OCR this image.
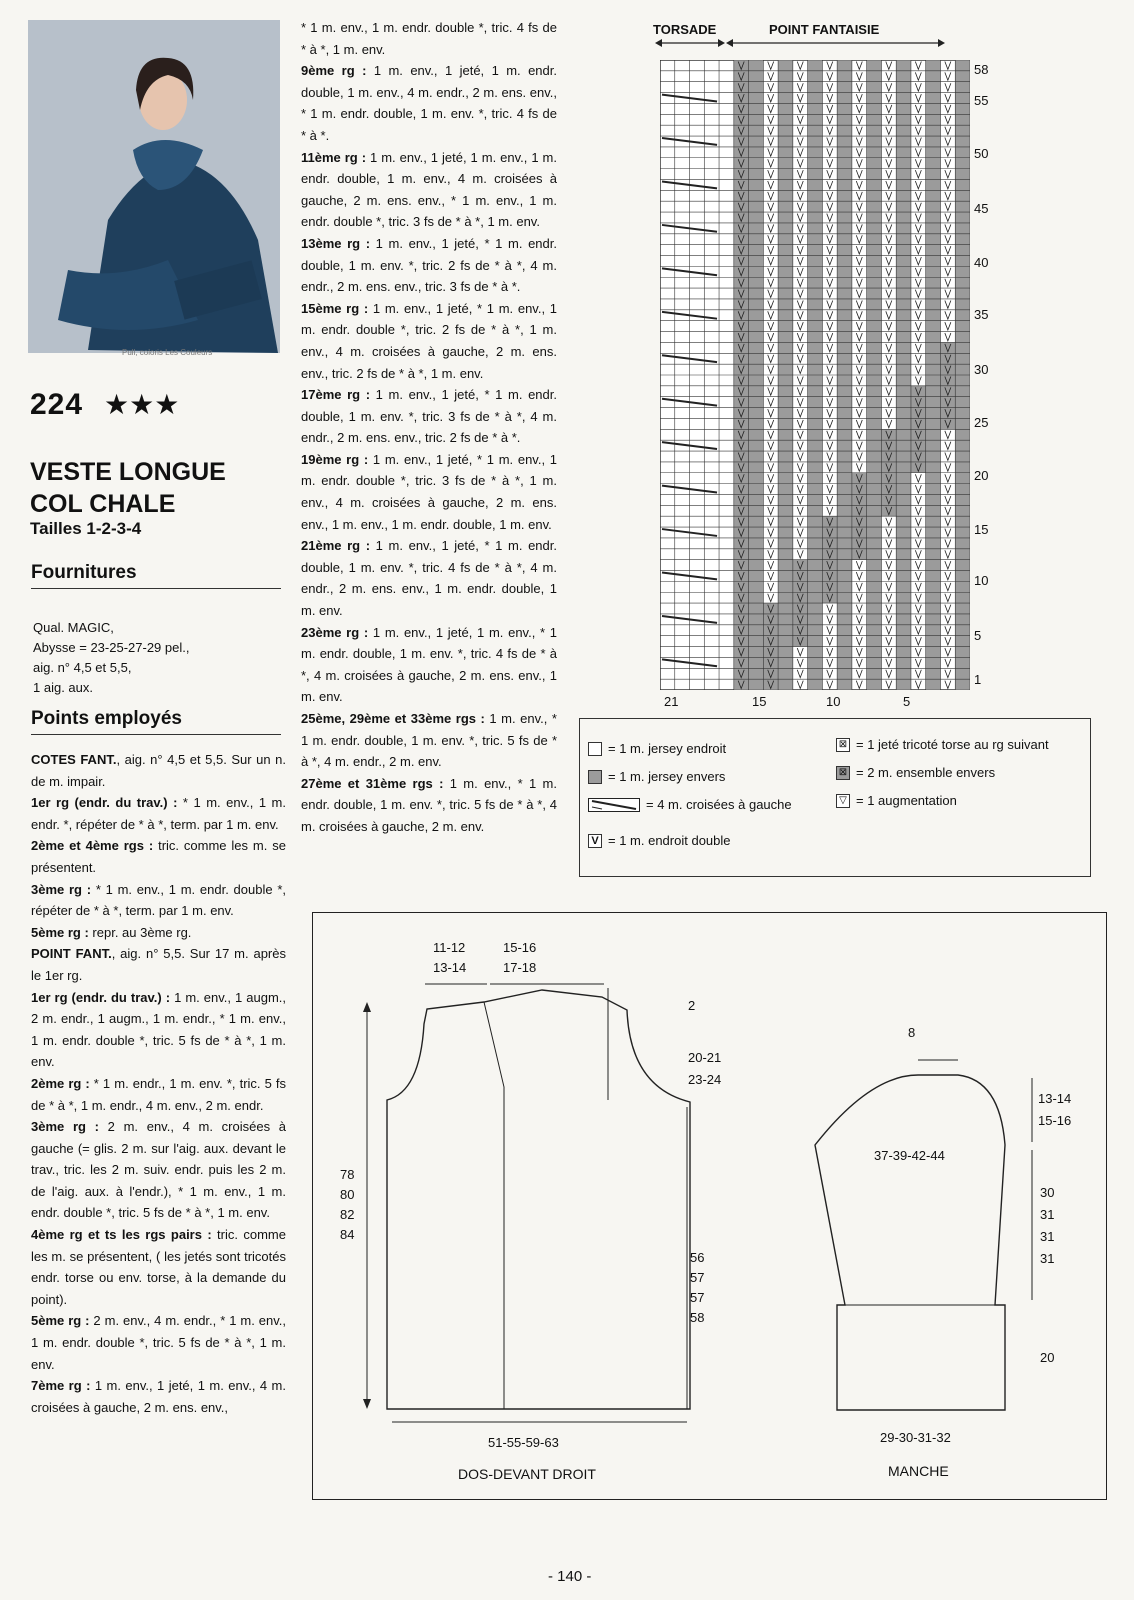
Pull, coloris Les Couleurs
224 ★★★
VESTE LONGUE
COL CHALE
Tailles 1-2-3-4
Fournitures
Qual. MAGIC,
Abysse = 23-25-27-29 pel.,
aig. n° 4,5 et 5,5,
1 aig. aux.
Points employés

COTES FANT., aig. n° 4,5 et 5,5. Sur un n. de m. impair.

1er rg (endr. du trav.) : * 1 m. env., 1 m. endr. *, répéter de * à *, term. par 1 m. env.

2ème et 4ème rgs : tric. comme les m. se présentent.

3ème rg : * 1 m. env., 1 m. endr. double *, répéter de * à *, term. par 1 m. env.

5ème rg : repr. au 3ème rg.

POINT FANT., aig. n° 5,5. Sur 17 m. après le 1er rg.

1er rg (endr. du trav.) : 1 m. env., 1 augm., 2 m. endr., 1 augm., 1 m. endr., * 1 m. env., 1 m. endr. double *, tric. 5 fs de * à *, 1 m. env.

2ème rg : * 1 m. endr., 1 m. env. *, tric. 5 fs de * à *, 1 m. endr., 4 m. env., 2 m. endr.

3ème rg : 2 m. env., 4 m. croisées à gauche (= glis. 2 m. sur l'aig. aux. devant le trav., tric. les 2 m. suiv. endr. puis les 2 m. de l'aig. aux. à l'endr.), * 1 m. env., 1 m. endr. double *, tric. 5 fs de * à *, 1 m. env.

4ème rg et ts les rgs pairs : tric. comme les m. se présentent, ( les jetés sont tricotés endr. torse ou env. torse, à la demande du point).

5ème rg : 2 m. env., 4 m. endr., * 1 m. env., 1 m. endr. double *, tric. 5 fs de * à *, 1 m. env.

7ème rg : 1 m. env., 1 jeté, 1 m. env., 4 m. croisées à gauche, 2 m. ens. env.,

* 1 m. env., 1 m. endr. double *, tric. 4 fs de * à *, 1 m. env.

9ème rg : 1 m. env., 1 jeté, 1 m. endr. double, 1 m. env., 4 m. endr., 2 m. ens. env., * 1 m. endr. double, 1 m. env. *, tric. 4 fs de * à *.

11ème rg : 1 m. env., 1 jeté, 1 m. env., 1 m. endr. double, 1 m. env., 4 m. croisées à gauche, 2 m. ens. env., * 1 m. env., 1 m. endr. double *, tric. 3 fs de * à *, 1 m. env.

13ème rg : 1 m. env., 1 jeté, * 1 m. endr. double, 1 m. env. *, tric. 2 fs de * à *, 4 m. endr., 2 m. ens. env., tric. 3 fs de * à *.

15ème rg : 1 m. env., 1 jeté, * 1 m. env., 1 m. endr. double *, tric. 2 fs de * à *, 1 m. env., 4 m. croisées à gauche, 2 m. ens. env., tric. 2 fs de * à *, 1 m. env.

17ème rg : 1 m. env., 1 jeté, * 1 m. endr. double, 1 m. env. *, tric. 3 fs de * à *, 4 m. endr., 2 m. ens. env., tric. 2 fs de * à *.

19ème rg : 1 m. env., 1 jeté, * 1 m. env., 1 m. endr. double *, tric. 3 fs de * à *, 1 m. env., 4 m. croisées à gauche, 2 m. ens. env., 1 m. env., 1 m. endr. double, 1 m. env.

21ème rg : 1 m. env., 1 jeté, * 1 m. endr. double, 1 m. env. *, tric. 4 fs de * à *, 4 m. endr., 2 m. ens. env., 1 m. endr. double, 1 m. env.

23ème rg : 1 m. env., 1 jeté, 1 m. env., * 1 m. endr. double, 1 m. env. *, tric. 4 fs de * à *, 4 m. croisées à gauche, 2 m. ens. env., 1 m. env.

25ème, 29ème et 33ème rgs : 1 m. env., * 1 m. endr. double, 1 m. env. *, tric. 5 fs de * à *, 4 m. endr., 2 m. env.

27ème et 31ème rgs : 1 m. env., * 1 m. endr. double, 1 m. env. *, tric. 5 fs de * à *, 4 m. croisées à gauche, 2 m. env.

TORSADE	POINT FANTAISIE
58
55
50
45
40
35
30
25
20
15
10
5
1
21	15	10	5
= 1 m. jersey endroit
= 1 m. jersey envers
= 4 m. croisées à gauche
V = 1 m. endroit double
⊠ = 1 jeté tricoté torse au rg suivant
⊠ = 2 m. ensemble envers
▽ = 1 augmentation
11-12
13-14
15-16
17-18
2
20-21
23-24
78
80
82
84
56
57
57
58
51-55-59-63
DOS-DEVANT DROIT
8
13-14
15-16
37-39-42-44
30
31
31
31
20
29-30-31-32
MANCHE
- 140 -
